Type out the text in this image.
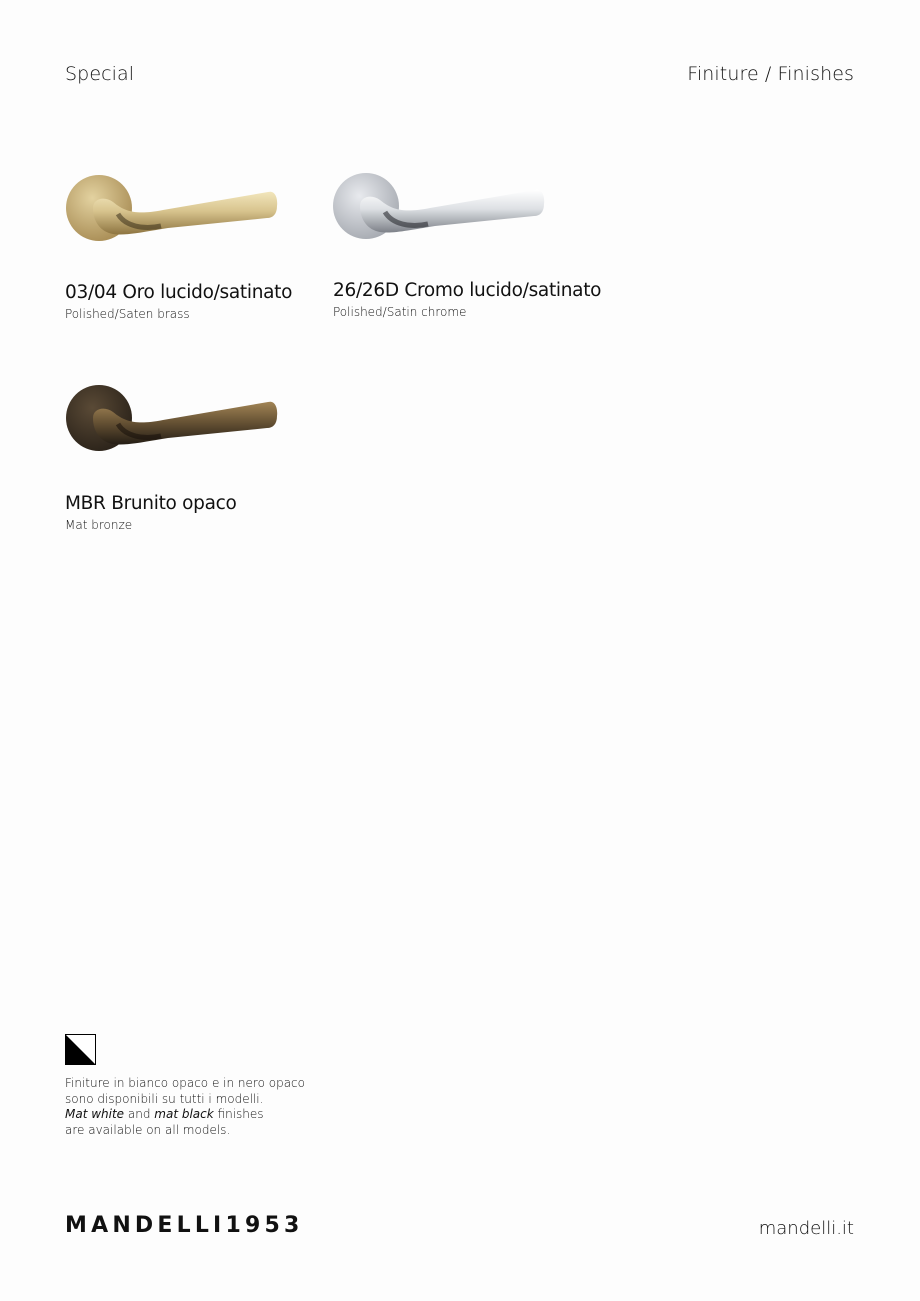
Special	Finiture / Finishes
03/04 Oro lucido/satinato
Polished/Saten brass
26/26D Cromo lucido/satinato
Polished/Satin chrome
MBR Brunito opaco
Mat bronze
Finiture in bianco opaco e in nero opaco
sono disponibili su tutti i modelli.
Mat white and mat black finishes
are available on all models.
MANDELLI1953	mandelli.it
